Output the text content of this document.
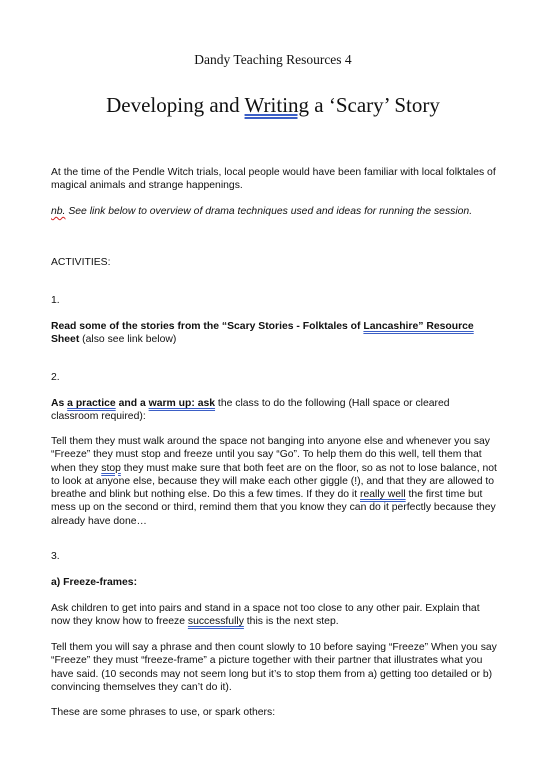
Dandy Teaching Resources 4
Developing and Writing a ‘Scary’ Story

At the time of the Pendle Witch trials, local people would have been familiar with local folktales of magical animals and strange happenings.

nb. See link below to overview of drama techniques used and ideas for running the session.

ACTIVITIES:
1.

Read some of the stories from the “Scary Stories - Folktales of Lancashire” Resource Sheet (also see link below)

2.

As a practice and a warm up: ask the class to do the following (Hall space or cleared classroom required):

Tell them they must walk around the space not banging into anyone else and whenever you say “Freeze” they must stop and freeze until you say “Go”. To help them do this well, tell them that when they stop they must make sure that both feet are on the floor, so as not to lose balance, not to look at anyone else, because they will make each other giggle (!), and that they are allowed to breathe and blink but nothing else. Do this a few times. If they do it really well the first time but mess up on the second or third, remind them that you know they can do it perfectly because they already have done…

3.
a) Freeze-frames:

Ask children to get into pairs and stand in a space not too close to any other pair. Explain that now they know how to freeze successfully this is the next step.

Tell them you will say a phrase and then count slowly to 10 before saying “Freeze” When you say “Freeze” they must “freeze-frame” a picture together with their partner that illustrates what you have said. (10 seconds may not seem long but it’s to stop them from a) getting too detailed or b) convincing themselves they can’t do it).
These are some phrases to use, or spark others:
